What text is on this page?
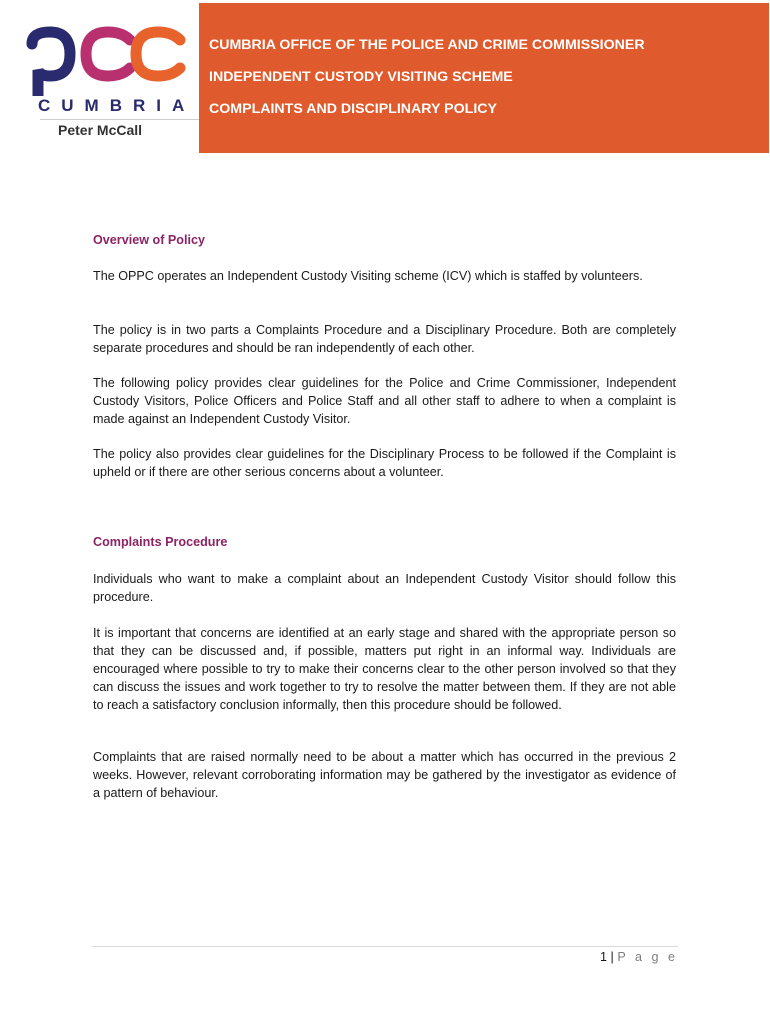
CUMBRIA
Peter McCall
CUMBRIA OFFICE OF THE POLICE AND CRIME COMMISSIONER
INDEPENDENT CUSTODY VISITING SCHEME
COMPLAINTS AND DISCIPLINARY POLICY
Overview of Policy
The OPPC operates an Independent Custody Visiting scheme (ICV) which is staffed by volunteers.
The policy is in two parts a Complaints Procedure and a Disciplinary Procedure. Both are completely separate procedures and should be ran independently of each other.
The following policy provides clear guidelines for the Police and Crime Commissioner, Independent Custody Visitors, Police Officers and Police Staff and all other staff to adhere to when a complaint is made against an Independent Custody Visitor.
The policy also provides clear guidelines for the Disciplinary Process to be followed if the Complaint is upheld or if there are other serious concerns about a volunteer.
Complaints Procedure
Individuals who want to make a complaint about an Independent Custody Visitor should follow this procedure.
It is important that concerns are identified at an early stage and shared with the appropriate person so that they can be discussed and, if possible, matters put right in an informal way. Individuals are encouraged where possible to try to make their concerns clear to the other person involved so that they can discuss the issues and work together to try to resolve the matter between them. If they are not able to reach a satisfactory conclusion informally, then this procedure should be followed.
Complaints that are raised normally need to be about a matter which has occurred in the previous 2 weeks. However, relevant corroborating information may be gathered by the investigator as evidence of a pattern of behaviour.
1 | P a g e
